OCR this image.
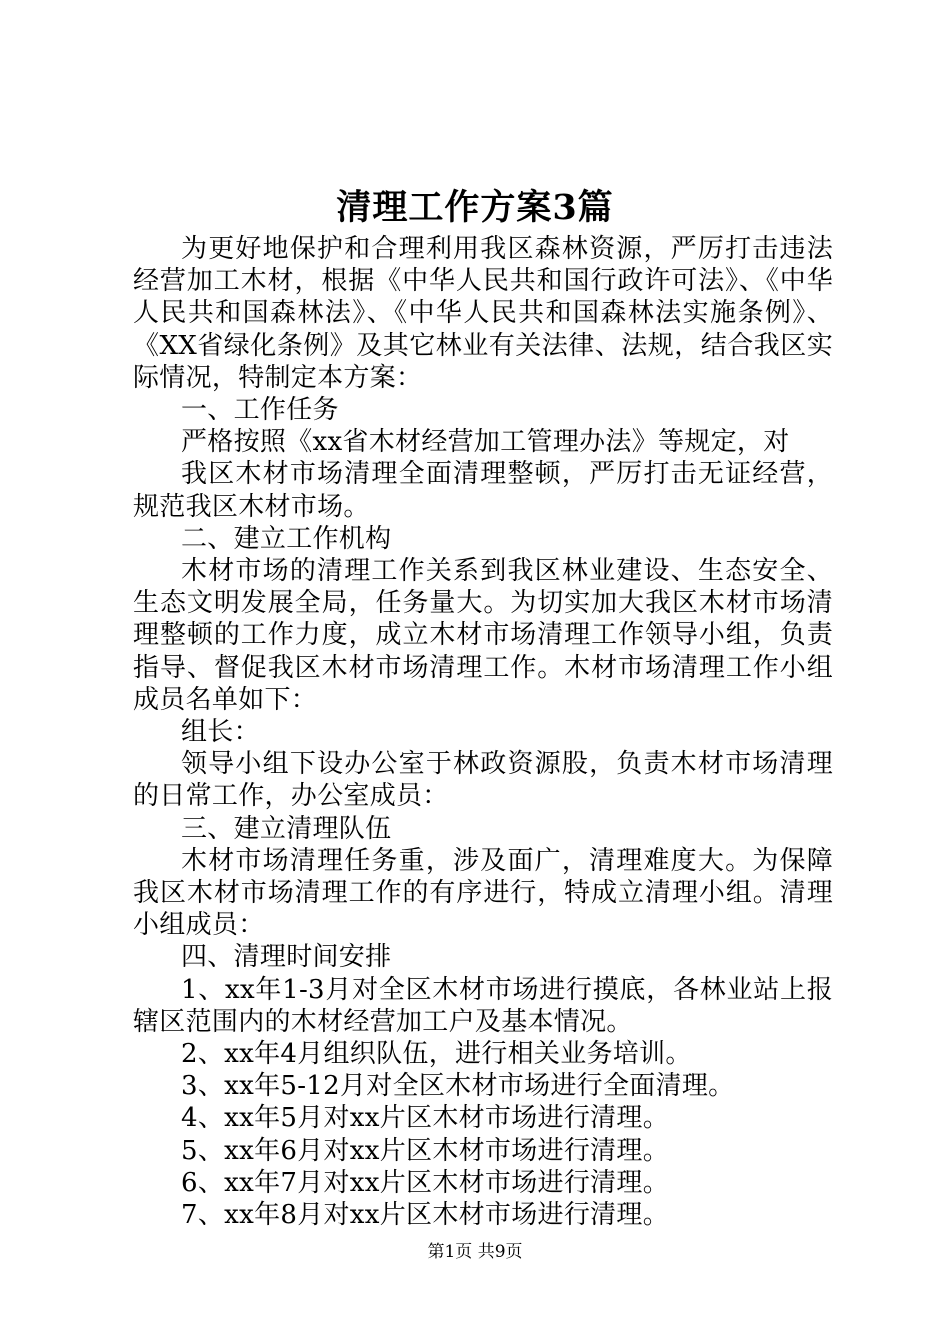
清理工作方案3篇

为更好地保护和合理利用我区森林资源，严厉打击违法经营加工木材，根据《中华人民共和国行政许可法》、《中华人民共和国森林法》、《中华人民共和国森林法实施条例》、《XX省绿化条例》及其它林业有关法律、法规，结合我区实际情况，特制定本方案：

一、工作任务

严格按照《xx省木材经营加工管理办法》等规定，对

我区木材市场清理全面清理整顿，严厉打击无证经营，规范我区木材市场。

二、建立工作机构

木材市场的清理工作关系到我区林业建设、生态安全、生态文明发展全局，任务量大。为切实加大我区木材市场清理整顿的工作力度，成立木材市场清理工作领导小组，负责指导、督促我区木材市场清理工作。木材市场清理工作小组成员名单如下：

组长：

领导小组下设办公室于林政资源股，负责木材市场清理的日常工作，办公室成员：

三、建立清理队伍

木材市场清理任务重，涉及面广，清理难度大。为保障我区木材市场清理工作的有序进行，特成立清理小组。清理小组成员：

四、清理时间安排

1、xx年1-3月对全区木材市场进行摸底，各林业站上报辖区范围内的木材经营加工户及基本情况。

2、xx年4月组织队伍，进行相关业务培训。

3、xx年5-12月对全区木材市场进行全面清理。

4、xx年5月对xx片区木材市场进行清理。

5、xx年6月对xx片区木材市场进行清理。

6、xx年7月对xx片区木材市场进行清理。

7、xx年8月对xx片区木材市场进行清理。

第1页 共9页
